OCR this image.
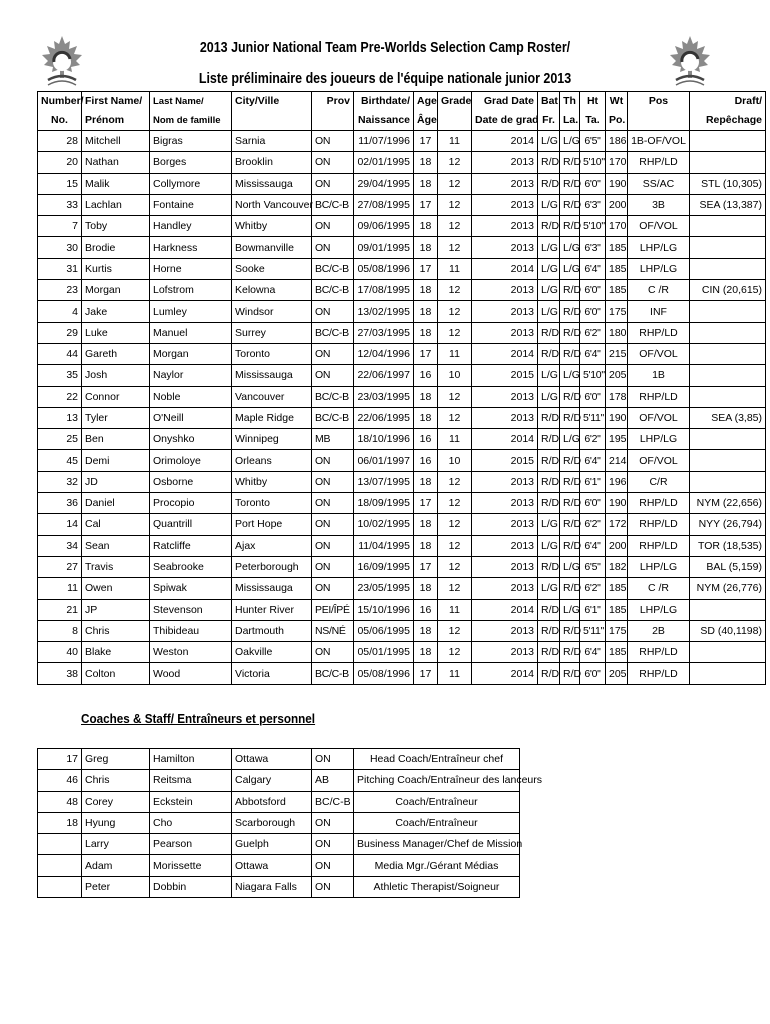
2013 Junior National Team Pre-Worlds Selection Camp Roster/
Liste préliminaire des joueurs de l'équipe nationale junior 2013
Number/	First Name/	Last Name/	City/Ville	Prov	Birthdate/	Age	Grade	Grad Date	Bat	Th	Ht	Wt	Pos	Draft/
No.	Prénom	Nom de famille			Naissance	Âge		Date de grad	Fr.	La.	Ta.	Po.		Repêchage
28	Mitchell	Bigras	Sarnia	ON	11/07/1996	17	11	2014	L/G	L/G	6'5"	186	1B-OF/VOL	
20	Nathan	Borges	Brooklin	ON	02/01/1995	18	12	2013	R/D	R/D	5'10"	170	RHP/LD	
15	Malik	Collymore	Mississauga	ON	29/04/1995	18	12	2013	R/D	R/D	6'0"	190	SS/AC	STL (10,305)
33	Lachlan	Fontaine	North Vancouver	BC/C-B	27/08/1995	17	12	2013	L/G	R/D	6'3"	200	3B	SEA (13,387)
7	Toby	Handley	Whitby	ON	09/06/1995	18	12	2013	R/D	R/D	5'10"	170	OF/VOL	
30	Brodie	Harkness	Bowmanville	ON	09/01/1995	18	12	2013	L/G	L/G	6'3"	185	LHP/LG	
31	Kurtis	Horne	Sooke	BC/C-B	05/08/1996	17	11	2014	L/G	L/G	6'4"	185	LHP/LG	
23	Morgan	Lofstrom	Kelowna	BC/C-B	17/08/1995	18	12	2013	L/G	R/D	6'0"	185	C /R	CIN (20,615)
4	Jake	Lumley	Windsor	ON	13/02/1995	18	12	2013	L/G	R/D	6'0"	175	INF	
29	Luke	Manuel	Surrey	BC/C-B	27/03/1995	18	12	2013	R/D	R/D	6'2"	180	RHP/LD	
44	Gareth	Morgan	Toronto	ON	12/04/1996	17	11	2014	R/D	R/D	6'4"	215	OF/VOL	
35	Josh	Naylor	Mississauga	ON	22/06/1997	16	10	2015	L/G	L/G	5'10"	205	1B	
22	Connor	Noble	Vancouver	BC/C-B	23/03/1995	18	12	2013	L/G	R/D	6'0"	178	RHP/LD	
13	Tyler	O'Neill	Maple Ridge	BC/C-B	22/06/1995	18	12	2013	R/D	R/D	5'11"	190	OF/VOL	SEA (3,85)
25	Ben	Onyshko	Winnipeg	MB	18/10/1996	16	11	2014	R/D	L/G	6'2"	195	LHP/LG	
45	Demi	Orimoloye	Orleans	ON	06/01/1997	16	10	2015	R/D	R/D	6'4"	214	OF/VOL	
32	JD	Osborne	Whitby	ON	13/07/1995	18	12	2013	R/D	R/D	6'1"	196	C/R	
36	Daniel	Procopio	Toronto	ON	18/09/1995	17	12	2013	R/D	R/D	6'0"	190	RHP/LD	NYM (22,656)
14	Cal	Quantrill	Port Hope	ON	10/02/1995	18	12	2013	L/G	R/D	6'2"	172	RHP/LD	NYY (26,794)
34	Sean	Ratcliffe	Ajax	ON	11/04/1995	18	12	2013	L/G	R/D	6'4"	200	RHP/LD	TOR (18,535)
27	Travis	Seabrooke	Peterborough	ON	16/09/1995	17	12	2013	R/D	L/G	6'5"	182	LHP/LG	BAL (5,159)
11	Owen	Spiwak	Mississauga	ON	23/05/1995	18	12	2013	L/G	R/D	6'2"	185	C /R	NYM (26,776)
21	JP	Stevenson	Hunter River	PEI/ÎPÉ	15/10/1996	16	11	2014	R/D	L/G	6'1"	185	LHP/LG	
8	Chris	Thibideau	Dartmouth	NS/NÉ	05/06/1995	18	12	2013	R/D	R/D	5'11"	175	2B	SD (40,1198)
40	Blake	Weston	Oakville	ON	05/01/1995	18	12	2013	R/D	R/D	6'4"	185	RHP/LD	
38	Colton	Wood	Victoria	BC/C-B	05/08/1996	17	11	2014	R/D	R/D	6'0"	205	RHP/LD	
Coaches & Staff/ Entraîneurs et personnel
17	Greg	Hamilton	Ottawa	ON	Head Coach/Entraîneur chef
46	Chris	Reitsma	Calgary	AB	Pitching Coach/Entraîneur des lanceurs
48	Corey	Eckstein	Abbotsford	BC/C-B	Coach/Entraîneur
18	Hyung	Cho	Scarborough	ON	Coach/Entraîneur
	Larry	Pearson	Guelph	ON	Business Manager/Chef de Mission
	Adam	Morissette	Ottawa	ON	Media Mgr./Gérant Médias
	Peter	Dobbin	Niagara Falls	ON	Athletic Therapist/Soigneur
